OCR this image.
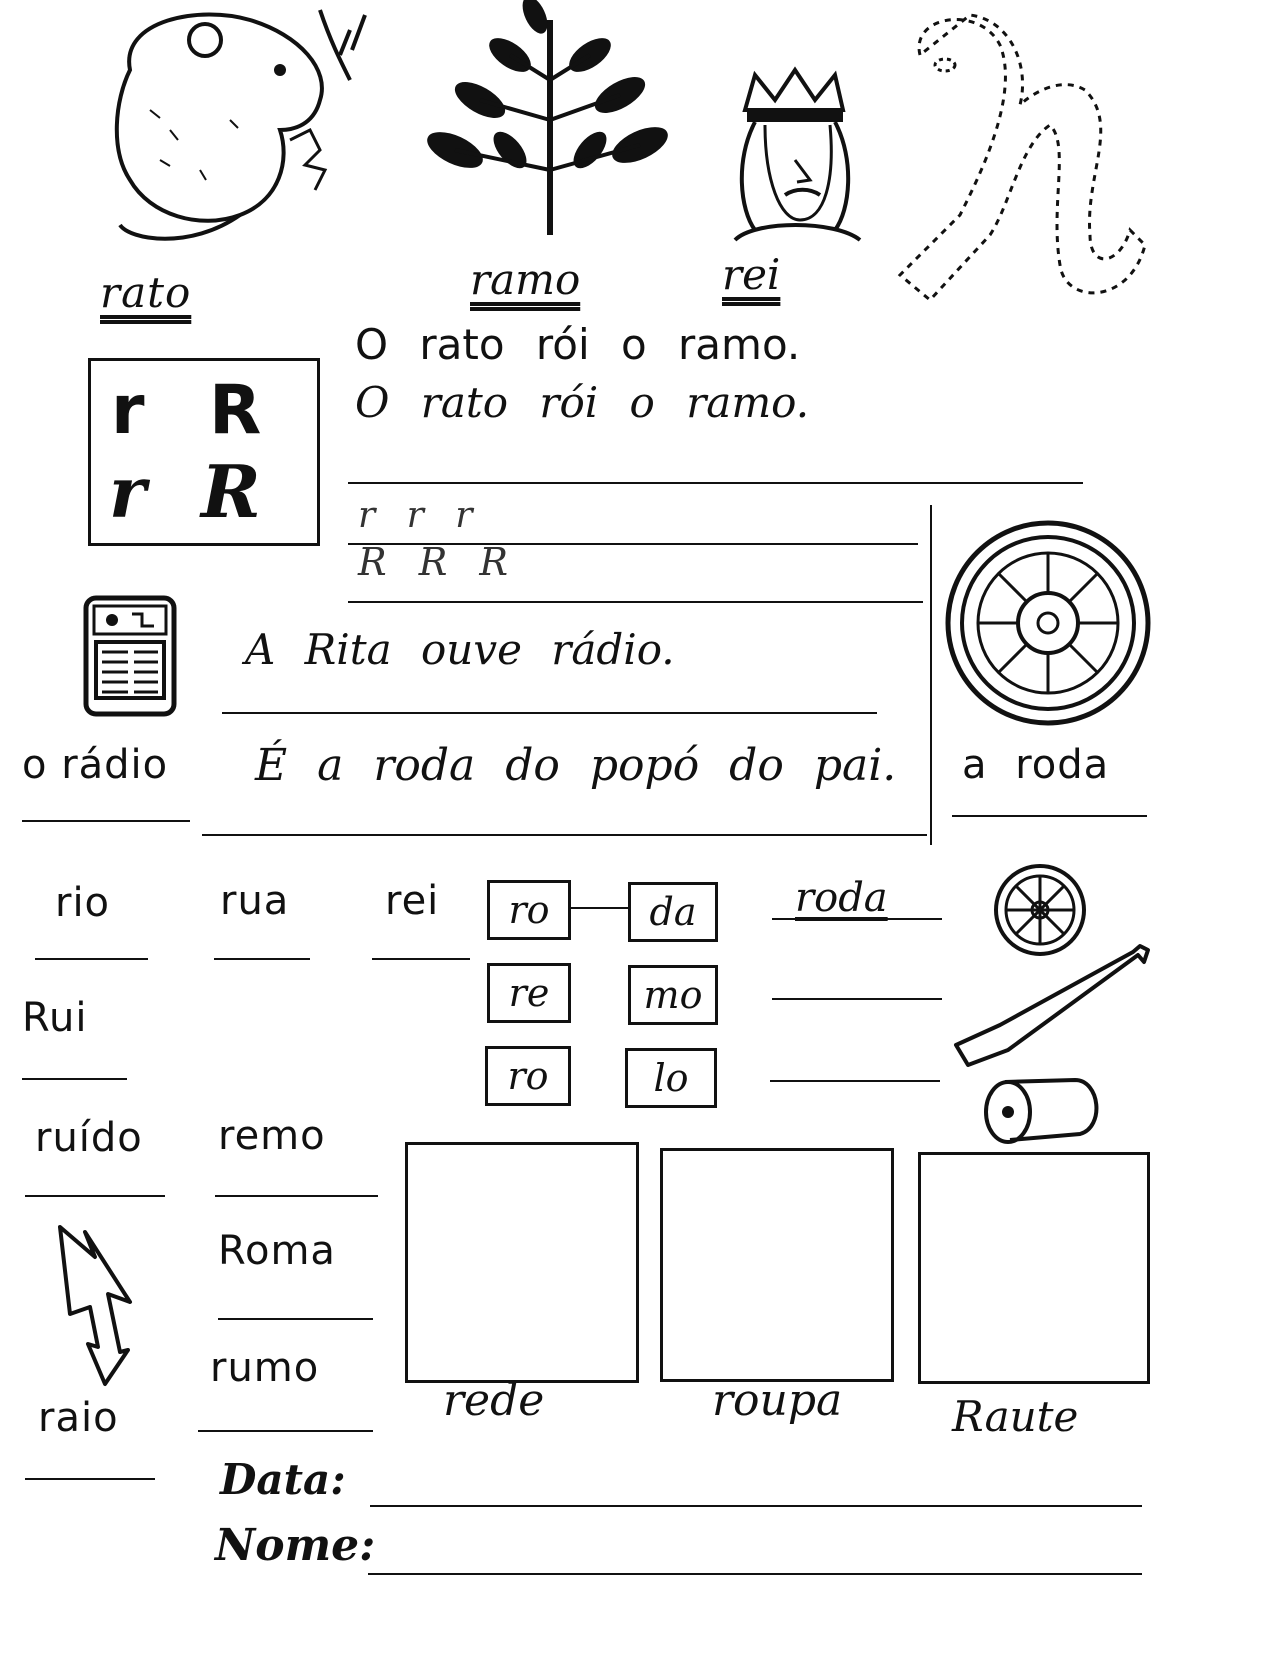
rato	ramo	rei
r R
r R
O rato rói o ramo.
O rato rói o ramo.
r r r
R R R
o rádio
A Rita ouve rádio.
É a roda do popó do pai. a roda
rio	rua rei
Rui
ruído remo
Roma
rumo
raio
ro	da	roda
re	mo
ro	lo
rede	roupa	Raute
Data:
Nome:
